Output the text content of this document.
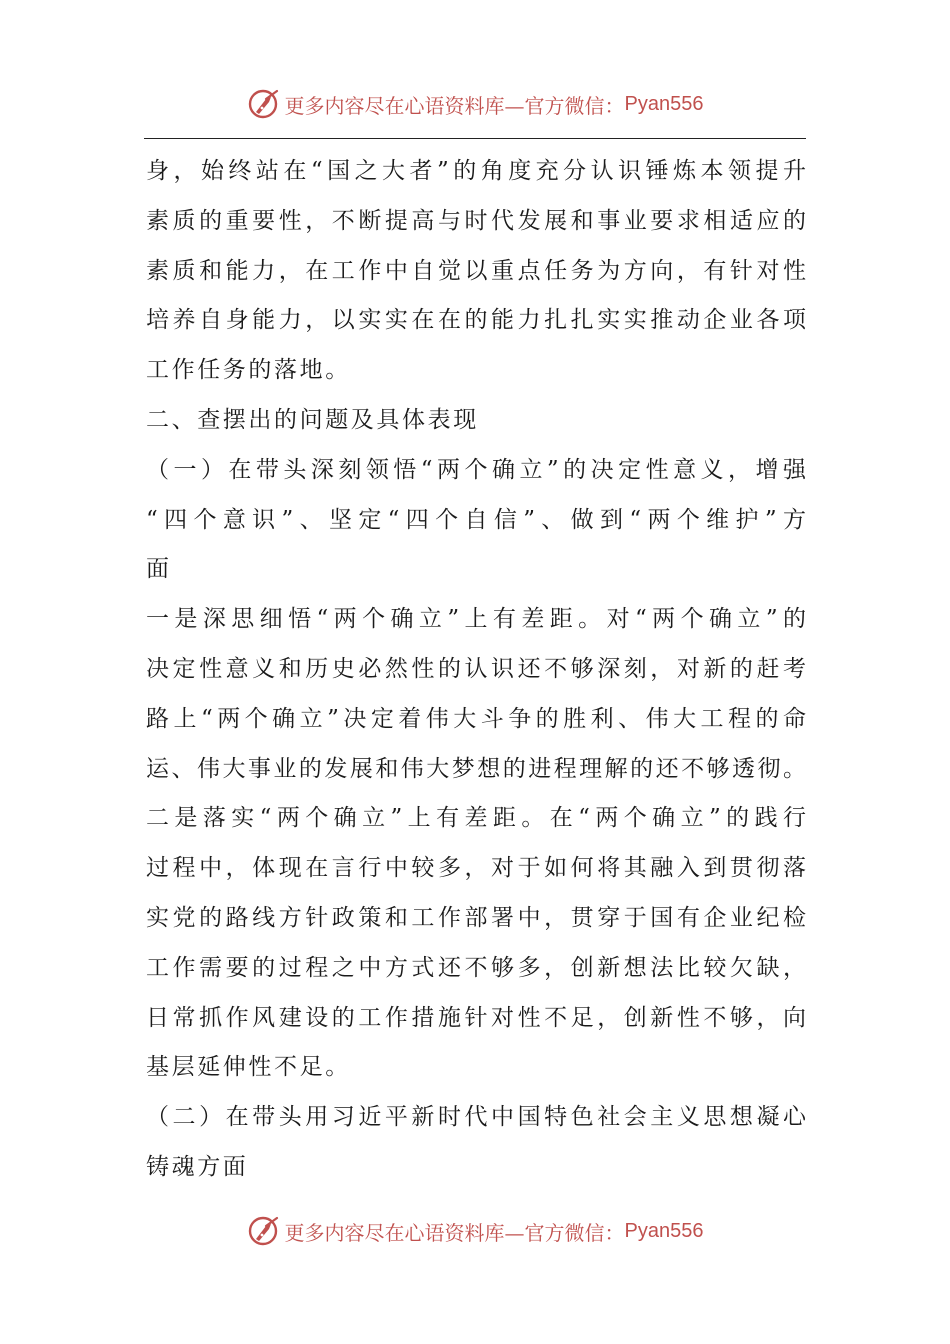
更多内容尽在心语资料库—官方微信： Pyan556
身，始终站在“国之大者”的角度充分认识锤炼本领提升
素质的重要性，不断提高与时代发展和事业要求相适应的
素质和能力，在工作中自觉以重点任务为方向，有针对性
培养自身能力，以实实在在的能力扎扎实实推动企业各项
工作任务的落地。
二、查摆出的问题及具体表现
（一）在带头深刻领悟“两个确立”的决定性意义，增强
“四个意识”、坚定“四个自信”、做到“两个维护”方
面
一是深思细悟“两个确立”上有差距。对“两个确立”的
决定性意义和历史必然性的认识还不够深刻，对新的赶考
路上“两个确立”决定着伟大斗争的胜利、伟大工程的命
运、伟大事业的发展和伟大梦想的进程理解的还不够透彻。
二是落实“两个确立”上有差距。在“两个确立”的践行
过程中，体现在言行中较多，对于如何将其融入到贯彻落
实党的路线方针政策和工作部署中，贯穿于国有企业纪检
工作需要的过程之中方式还不够多，创新想法比较欠缺，
日常抓作风建设的工作措施针对性不足，创新性不够，向
基层延伸性不足。
（二）在带头用习近平新时代中国特色社会主义思想凝心
铸魂方面
更多内容尽在心语资料库—官方微信： Pyan556
